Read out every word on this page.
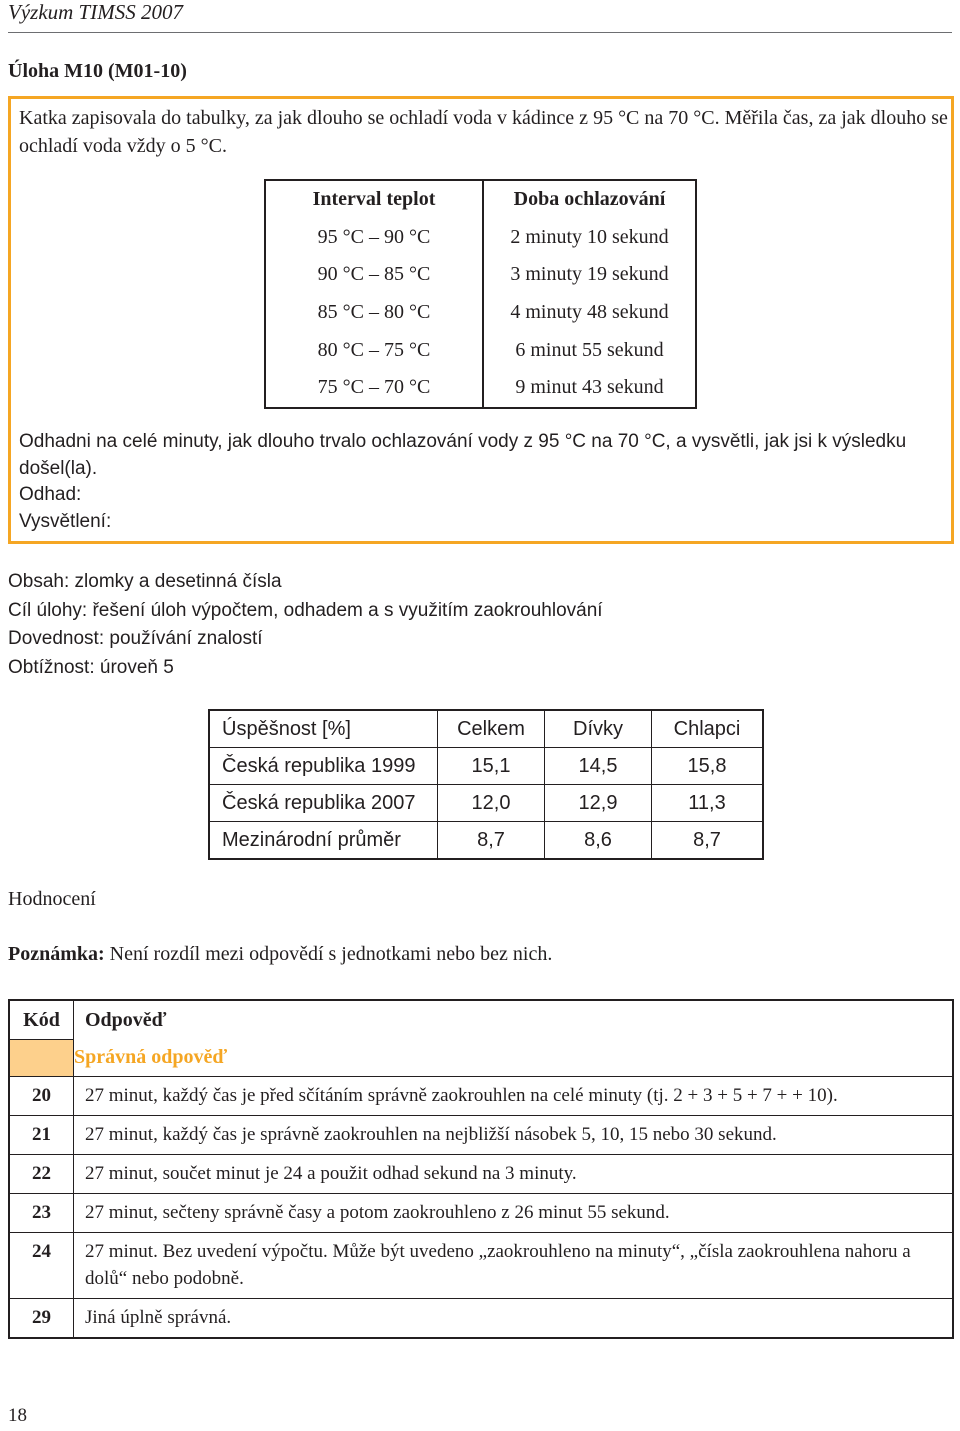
Výzkum TIMSS 2007
Úloha M10 (M01-10)
Katka zapisovala do tabulky, za jak dlouho se ochladí voda v kádince z 95 °C na 70 °C. Měřila čas, za jak dlouho se ochladí voda vždy o 5 °C.
Interval teplot	Doba ochlazování
95 °C – 90 °C	2 minuty 10 sekund
90 °C – 85 °C	3 minuty 19 sekund
85 °C – 80 °C	4 minuty 48 sekund
80 °C – 75 °C	6 minut 55 sekund
75 °C – 70 °C	9 minut 43 sekund
Odhadni na celé minuty, jak dlouho trvalo ochlazování vody z 95 °C na 70 °C, a vysvětli, jak jsi k výsledku došel(la).
Odhad:
Vysvětlení:
Obsah: zlomky a desetinná čísla
Cíl úlohy: řešení úloh výpočtem, odhadem a s využitím zaokrouhlování
Dovednost: používání znalostí
Obtížnost: úroveň 5
Úspěšnost [%]	Celkem	Dívky	Chlapci
Česká republika 1999	15,1	14,5	15,8
Česká republika 2007	12,0	12,9	11,3
Mezinárodní průměr	8,7	8,6	8,7
Hodnocení
Poznámka: Není rozdíl mezi odpovědí s jednotkami nebo bez nich.
Kód	Odpověď
	Správná odpověď
20	27 minut, každý čas je před sčítáním správně zaokrouhlen na celé minuty (tj. 2 + 3 + 5 + 7 + + 10).
21	27 minut, každý čas je správně zaokrouhlen na nejbližší násobek 5, 10, 15 nebo 30 sekund.
22	27 minut, součet minut je 24 a použit odhad sekund na 3 minuty.
23	27 minut, sečteny správně časy a potom zaokrouhleno z 26 minut 55 sekund.
24	27 minut. Bez uvedení výpočtu. Může být uvedeno „zaokrouhleno na minuty“, „čísla zaokrouhlena nahoru a dolů“ nebo podobně.
29	Jiná úplně správná.
18
